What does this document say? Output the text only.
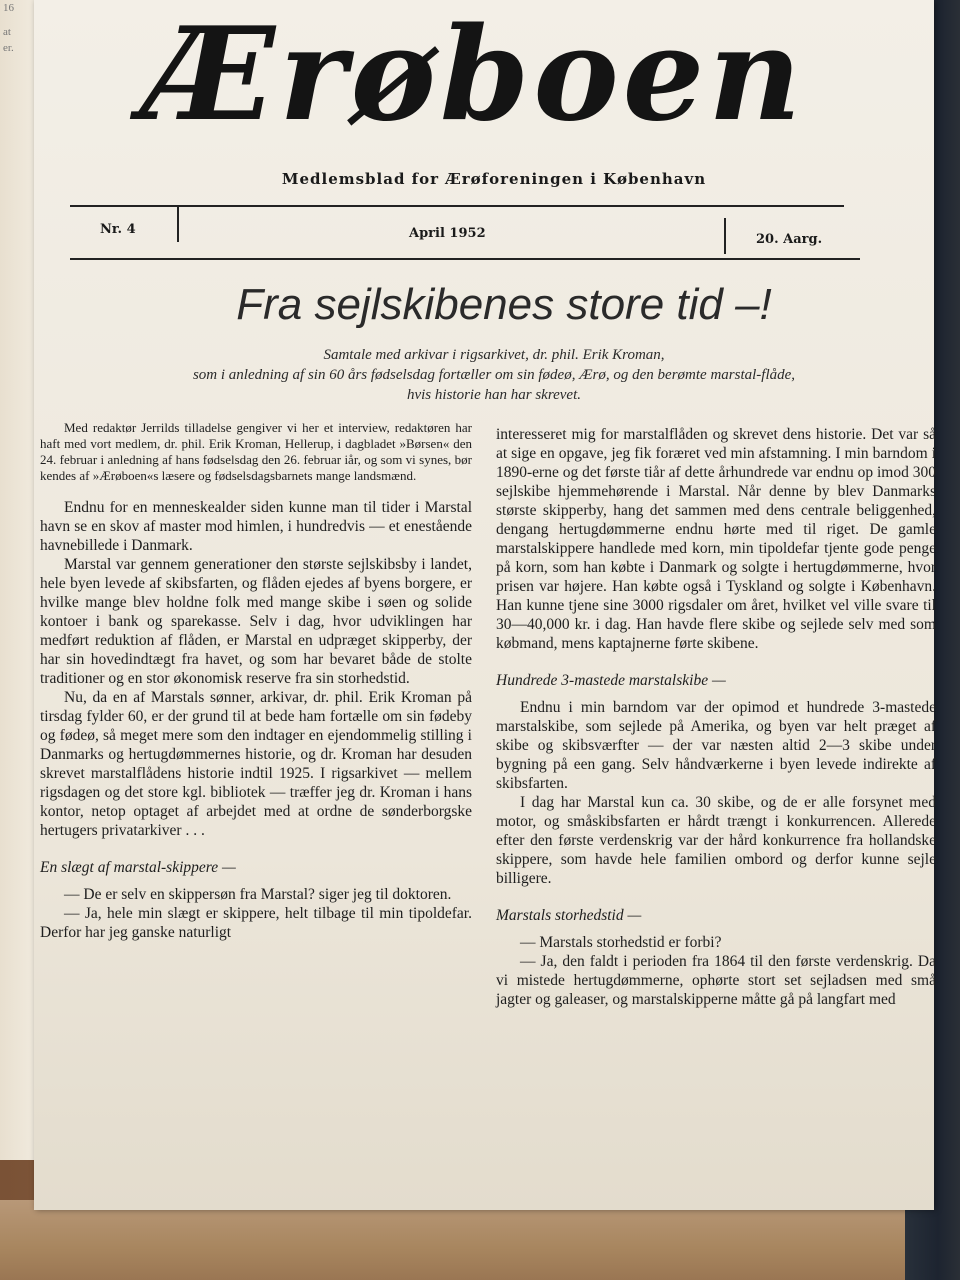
16
at
er. Ærøboen
Medlemsblad for Ærøforeningen i København
Nr. 4	April 1952	20. Aarg.
Fra sejlskibenes store tid –!
Samtale med arkivar i rigsarkivet, dr. phil. Erik Kroman,
som i anledning af sin 60 års fødselsdag fortæller om sin fødeø, Ærø, og den berømte marstal-flåde,
hvis historie han har skrevet.

Med redaktør Jerrilds tilladelse gengiver vi her et interview, redaktøren har haft med vort medlem, dr. phil. Erik Kroman, Hellerup, i dagbladet »Børsen« den 24. februar i anledning af hans fødselsdag den 26. februar iår, og som vi synes, bør kendes af »Ærøboen«s læsere og fødselsdagsbarnets mange landsmænd.

Endnu for en menneskealder siden kunne man til tider i Marstal havn se en skov af master mod himlen, i hundredvis — et enestående havnebillede i Danmark.

Marstal var gennem generationer den største sejlskibsby i landet, hele byen levede af skibsfarten, og flåden ejedes af byens borgere, er hvilke mange blev holdne folk med mange skibe i søen og solide kontoer i bank og sparekasse. Selv i dag, hvor udviklingen har medført reduktion af flåden, er Marstal en udpræget skipperby, der har sin hovedindtægt fra havet, og som har bevaret både de stolte traditioner og en stor økonomisk reserve fra sin storhedstid.

Nu, da en af Marstals sønner, arkivar, dr. phil. Erik Kroman på tirsdag fylder 60, er der grund til at bede ham fortælle om sin fødeby og fødeø, så meget mere som den indtager en ejendommelig stilling i Danmarks og hertugdømmernes historie, og dr. Kroman har desuden skrevet marstalflådens historie indtil 1925. I rigsarkivet — mellem rigsdagen og det store kgl. bibliotek — træffer jeg dr. Kroman i hans kontor, netop optaget af arbejdet med at ordne de sønderborgske hertugers privatarkiver . . .

En slægt af marstal-skippere —

— De er selv en skippersøn fra Marstal? siger jeg til doktoren.

— Ja, hele min slægt er skippere, helt tilbage til min tipoldefar. Derfor har jeg ganske naturligt

interesseret mig for marstalflåden og skrevet dens historie. Det var så at sige en opgave, jeg fik foræret ved min afstamning. I min barndom i 1890-erne og det første tiår af dette århundrede var endnu op imod 300 sejlskibe hjemmehørende i Marstal. Når denne by blev Danmarks største skipperby, hang det sammen med dens centrale beliggenhed, dengang hertugdømmerne endnu hørte med til riget. De gamle marstalskippere handlede med korn, min tipoldefar tjente gode penge på korn, som han købte i Danmark og solgte i hertugdømmerne, hvor prisen var højere. Han købte også i Tyskland og solgte i København. Han kunne tjene sine 3000 rigsdaler om året, hvilket vel ville svare til 30—40,000 kr. i dag. Han havde flere skibe og sejlede selv med som købmand, mens kaptajnerne førte skibene.

Hundrede 3-mastede marstalskibe —

Endnu i min barndom var der opimod et hundrede 3-mastede marstalskibe, som sejlede på Amerika, og byen var helt præget af skibe og skibsværfter — der var næsten altid 2—3 skibe under bygning på een gang. Selv håndværkerne i byen levede indirekte af skibsfarten.

I dag har Marstal kun ca. 30 skibe, og de er alle forsynet med motor, og småskibsfarten er hårdt trængt i konkurrencen. Allerede efter den første verdenskrig var der hård konkurrence fra hollandske skippere, som havde hele familien ombord og derfor kunne sejle billigere.

Marstals storhedstid —

— Marstals storhedstid er forbi?

— Ja, den faldt i perioden fra 1864 til den første verdenskrig. Da vi mistede hertugdømmerne, ophørte stort set sejladsen med små jagter og galeaser, og marstalskipperne måtte gå på langfart med
